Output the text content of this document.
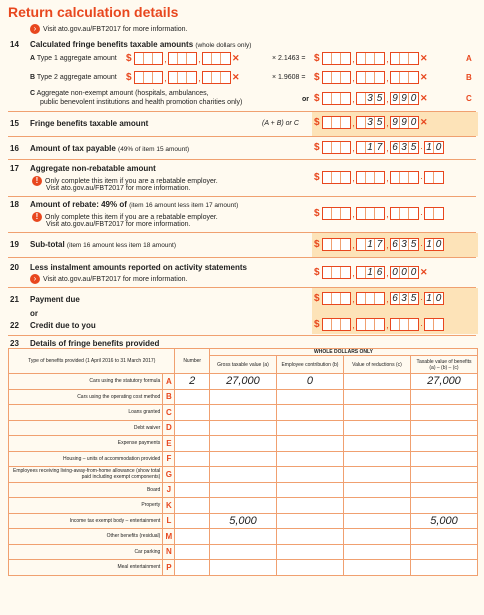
Return calculation details
› Visit ato.gov.au/FBT2017 for more information.
14 Calculated fringe benefits taxable amounts (whole dollars only)
A Type 1 aggregate amount $	,	,	✕	× 2.1463 = $	,	,	✕	A
B Type 2 aggregate amount $	,	,	✕	× 1.9608 = $	,	,	✕	B
C Aggregate non-exempt amount (hospitals, ambulances,
public benevolent institutions and health promotion charities only)	or $	, 3 5 , 9 9 0 ✕	C
15 Fringe benefits taxable amount	(A + B) or C $	, 3 5 , 9 9 0 ✕
16 Amount of tax payable (49% of item 15 amount)	$	, 1 7 , 6 3 5 · 1 0
17 Aggregate non-rebatable amount
! Only complete this item if you are a rebatable employer.
Visit ato.gov.au/FBT2017 for more information.
$	,	,	·
18 Amount of rebate: 49% of (item 16 amount less item 17 amount)
! Only complete this item if you are a rebatable employer.
Visit ato.gov.au/FBT2017 for more information.
$	,	,	·
19 Sub-total (item 16 amount less item 18 amount)	$	, 1 7 , 6 3 5 · 1 0
20 Less instalment amounts reported on activity statements
› Visit ato.gov.au/FBT2017 for more information.
$	, 1 6 , 0 0 0 ✕
21 Payment due	$	,	, 6 3 5 · 1 0
or
22 Credit due to you	$	,	,	·
23 Details of fringe benefits provided
Type of benefits provided (1 April 2016 to 31 March 2017)		Number	WHOLE DOLLARS ONLY			
			Gross taxable value (a)	Employee contribution (b)	Value of reductions (c)	Taxable value of benefits (a) – (b) – (c)
Cars using the statutory formula	A	2	27,000	0		27,000
Cars using the operating cost method	B					
Loans granted	C					
Debt waiver	D					
Expense payments	E					
Housing – units of accommodation provided	F					
Employees receiving living-away-from-home allowance (show total paid including exempt components)	G					
Board	J					
Property	K					
Income tax exempt body – entertainment	L		5,000			5,000
Other benefits (residual)	M					
Car parking	N					
Meal entertainment	P					
